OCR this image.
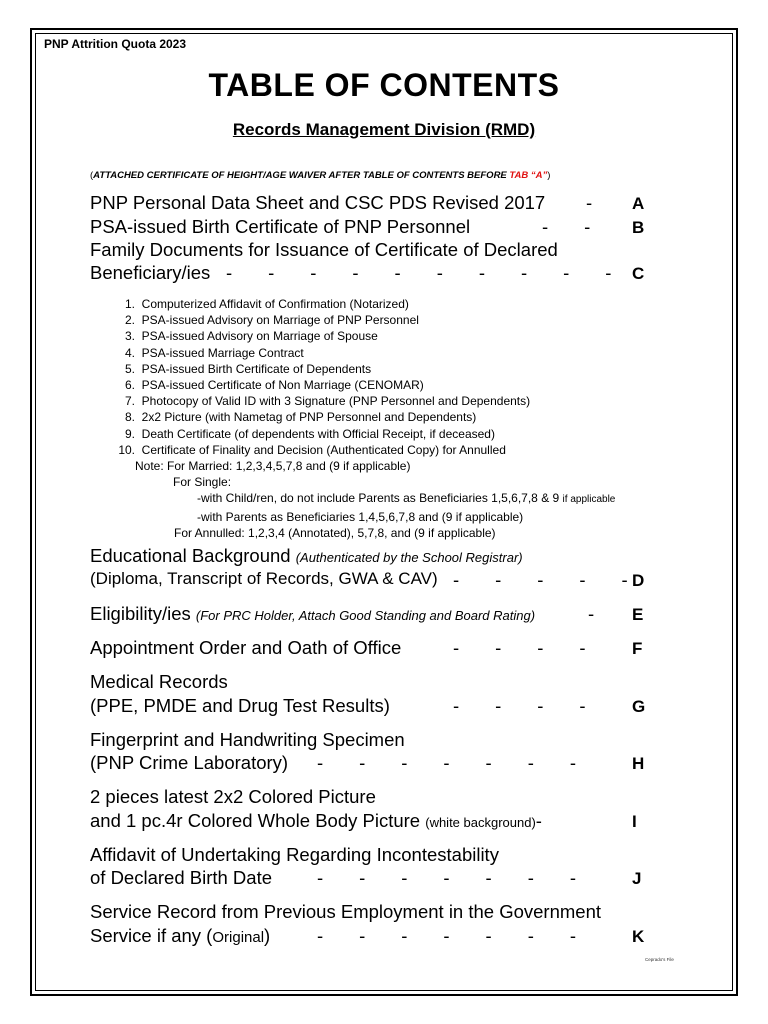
PNP Attrition Quota 2023
TABLE OF CONTENTS
Records Management Division (RMD)
(ATTACHED CERTIFICATE OF HEIGHT/AGE WAIVER AFTER TABLE OF CONTENTS BEFORE TAB “A”)
PNP Personal Data Sheet and CSC PDS Revised 2017 - A
PSA-issued Birth Certificate of PNP Personnel	-       - B
Family Documents for Issuance of Certificate of Declared
Beneficiary/ies -       -       -       -       -       -       -       -       -       - C
1.
Computerized Affidavit of Confirmation (Notarized)
2.
PSA-issued Advisory on Marriage of PNP Personnel
3.
PSA-issued Advisory on Marriage of Spouse
4.
PSA-issued Marriage Contract
5.
PSA-issued Birth Certificate of Dependents
6.
PSA-issued Certificate of Non Marriage (CENOMAR)
7.
Photocopy of Valid ID with 3 Signature (PNP Personnel and Dependents)
8.
2x2 Picture (with Nametag of PNP Personnel and Dependents)
9.
Death Certificate (of dependents with Official Receipt, if deceased)
10.
Certificate of Finality and Decision (Authenticated Copy) for Annulled
Note: For Married: 1,2,3,4,5,7,8 and (9 if applicable)
For Single:
-with Child/ren, do not include Parents as Beneficiaries 1,5,6,7,8 & 9 if applicable
-with Parents as Beneficiaries 1,4,5,6,7,8 and (9 if applicable)
For Annulled: 1,2,3,4 (Annotated), 5,7,8, and (9 if applicable)
Educational Background (Authenticated by the School Registrar)
(Diploma, Transcript of Records, GWA & CAV) -       -       -       -       - D
Eligibility/ies (For PRC Holder, Attach Good Standing and Board Rating)	- E
Appointment Order and Oath of Office	-       -       -       -	F
Medical Records
(PPE, PMDE and Drug Test Results)	-       -       -       -	G
Fingerprint and Handwriting Specimen
(PNP Crime Laboratory) -       -       -       -       -       -       -	H
2 pieces latest 2x2 Colored Picture
and 1 pc.4r Colored Whole Body Picture (white background)-	I
Affidavit of Undertaking Regarding Incontestability
of Declared Birth Date -       -       -       -       -       -       -	J
Service Record from Previous Employment in the Government
Service if any (Original)	-       -       -       -       -       -       -	K
Ceprado's File
